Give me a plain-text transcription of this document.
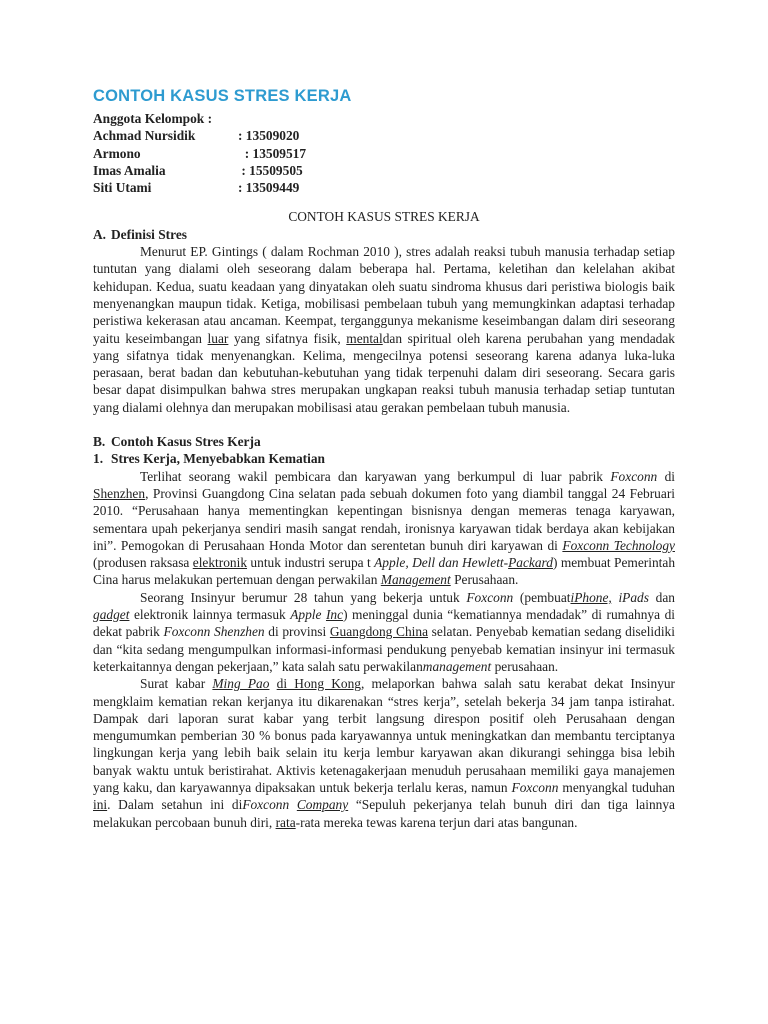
CONTOH KASUS STRES KERJA
Anggota Kelompok :
Achmad Nursidik	: 13509020
Armono	: 13509517
Imas Amalia	: 15509505
Siti Utami	: 13509449
CONTOH KASUS STRES KERJA
A. Definisi Stres

Menurut EP. Gintings ( dalam Rochman 2010 ), stres adalah reaksi tubuh manusia terhadap setiap tuntutan yang dialami oleh seseorang dalam beberapa hal. Pertama, keletihan dan kelelahan akibat kehidupan. Kedua, suatu keadaan yang dinyatakan oleh suatu sindroma khusus dari peristiwa biologis baik menyenangkan maupun tidak. Ketiga, mobilisasi pembelaan tubuh yang memungkinkan adaptasi terhadap peristiwa kekerasan atau ancaman. Keempat, terganggunya mekanisme keseimbangan dalam diri seseorang yaitu keseimbangan luar yang sifatnya fisik, mentaldan spiritual oleh karena perubahan yang mendadak yang sifatnya tidak menyenangkan. Kelima, mengecilnya potensi seseorang karena adanya luka-luka perasaan, berat badan dan kebutuhan-kebutuhan yang tidak terpenuhi dalam diri seseorang. Secara garis besar dapat disimpulkan bahwa stres merupakan ungkapan reaksi tubuh manusia terhadap setiap tuntutan yang dialami olehnya dan merupakan mobilisasi atau gerakan pembelaan tubuh manusia.

B. Contoh Kasus Stres Kerja
1. Stres Kerja, Menyebabkan Kematian

Terlihat seorang wakil pembicara dan karyawan yang berkumpul di luar pabrik Foxconn di Shenzhen, Provinsi Guangdong Cina selatan pada sebuah dokumen foto yang diambil tanggal 24 Februari 2010. “Perusahaan hanya mementingkan kepentingan bisnisnya dengan memeras tenaga karyawan, sementara upah pekerjanya sendiri masih sangat rendah, ironisnya karyawan tidak berdaya akan kebijakan ini”. Pemogokan di Perusahaan Honda Motor dan serentetan bunuh diri karyawan di Foxconn Technology (produsen raksasa elektronik untuk industri serupa t Apple, Dell dan Hewlett-Packard) membuat Pemerintah Cina harus melakukan pertemuan dengan perwakilan Management Perusahaan.

Seorang Insinyur berumur 28 tahun yang bekerja untuk Foxconn (pembuatiPhone, iPads dan gadget elektronik lainnya termasuk Apple Inc) meninggal dunia “kematiannya mendadak” di rumahnya di dekat pabrik Foxconn Shenzhen di provinsi Guangdong China selatan. Penyebab kematian sedang diselidiki dan “kita sedang mengumpulkan informasi-informasi pendukung penyebab kematian insinyur ini termasuk keterkaitannya dengan pekerjaan,” kata salah satu perwakilanmanagement perusahaan.

Surat kabar Ming Pao di Hong Kong, melaporkan bahwa salah satu kerabat dekat Insinyur mengklaim kematian rekan kerjanya itu dikarenakan “stres kerja”, setelah bekerja 34 jam tanpa istirahat. Dampak dari laporan surat kabar yang terbit langsung direspon positif oleh Perusahaan dengan mengumumkan pemberian 30 % bonus pada karyawannya untuk meningkatkan dan membantu terciptanya lingkungan kerja yang lebih baik selain itu kerja lembur karyawan akan dikurangi sehingga bisa lebih banyak waktu untuk beristirahat. Aktivis ketenagakerjaan menuduh perusahaan memiliki gaya manajemen yang kaku, dan karyawannya dipaksakan untuk bekerja terlalu keras, namun Foxconn menyangkal tuduhan ini. Dalam setahun ini diFoxconn Company “Sepuluh pekerjanya telah bunuh diri dan tiga lainnya melakukan percobaan bunuh diri, rata-rata mereka tewas karena terjun dari atas bangunan.
